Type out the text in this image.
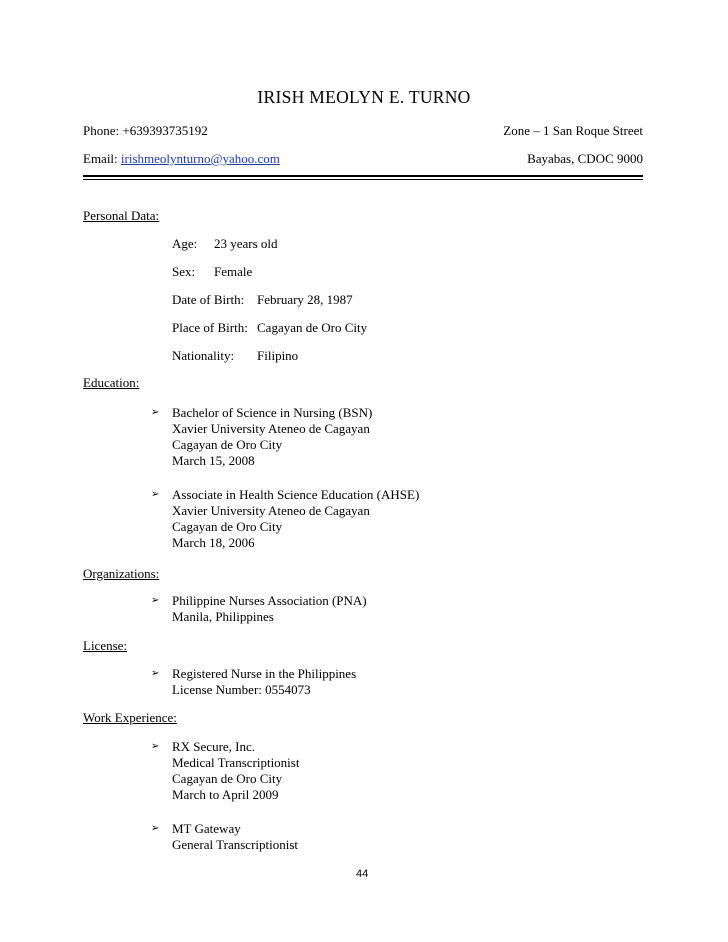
IRISH MEOLYN E. TURNO
Phone: +639393735192	Zone – 1 San Roque Street
Email: irishmeolynturno@yahoo.com	Bayabas, CDOC 9000
Personal Data:
Age: 23 years old
Sex: Female
Date of Birth: February 28, 1987
Place of Birth: Cagayan de Oro City
Nationality: Filipino
Education:
➢ Bachelor of Science in Nursing (BSN)
Xavier University Ateneo de Cagayan
Cagayan de Oro City
March 15, 2008
➢ Associate in Health Science Education (AHSE)
Xavier University Ateneo de Cagayan
Cagayan de Oro City
March 18, 2006
Organizations:
➢ Philippine Nurses Association (PNA)
Manila, Philippines
License:
➢ Registered Nurse in the Philippines
License Number: 0554073
Work Experience:
➢ RX Secure, Inc.
Medical Transcriptionist
Cagayan de Oro City
March to April 2009
➢ MT Gateway
General Transcriptionist
44
